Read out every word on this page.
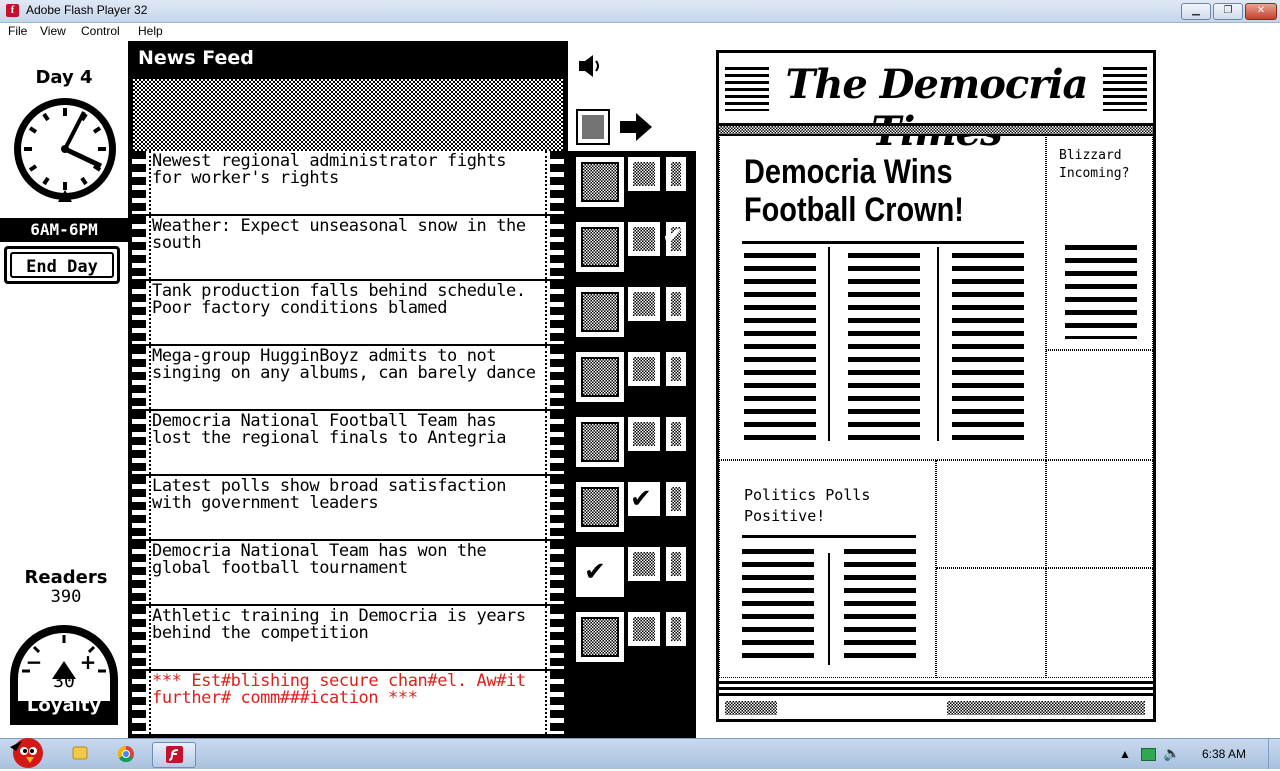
f Adobe Flash Player 32	▁	❐	✕
File View Control Help
Day 4
6AM-6PM
End Day
Readers
390
− +
30
Loyalty
News Feed
Newest regional administrator fights for worker's rights
Weather: Expect unseasonal snow in the south
Tank production falls behind schedule. Poor factory conditions blamed
Mega-group HugginBoyz admits to not singing on any albums, can barely dance
Democria National Football Team has lost the regional finals to Antegria
Latest polls show broad satisfaction with government leaders
Democria National Team has won the global football tournament
Athletic training in Democria is years behind the competition
*** Est#blishing secure chan#el. Aw#it further# comm###ication ***
✔
✔
✔
The Democria
Democria Wins Football Crown!
Blizzard Incoming?
Politics Polls Positive!
▲ 🔈 6:38 AM
